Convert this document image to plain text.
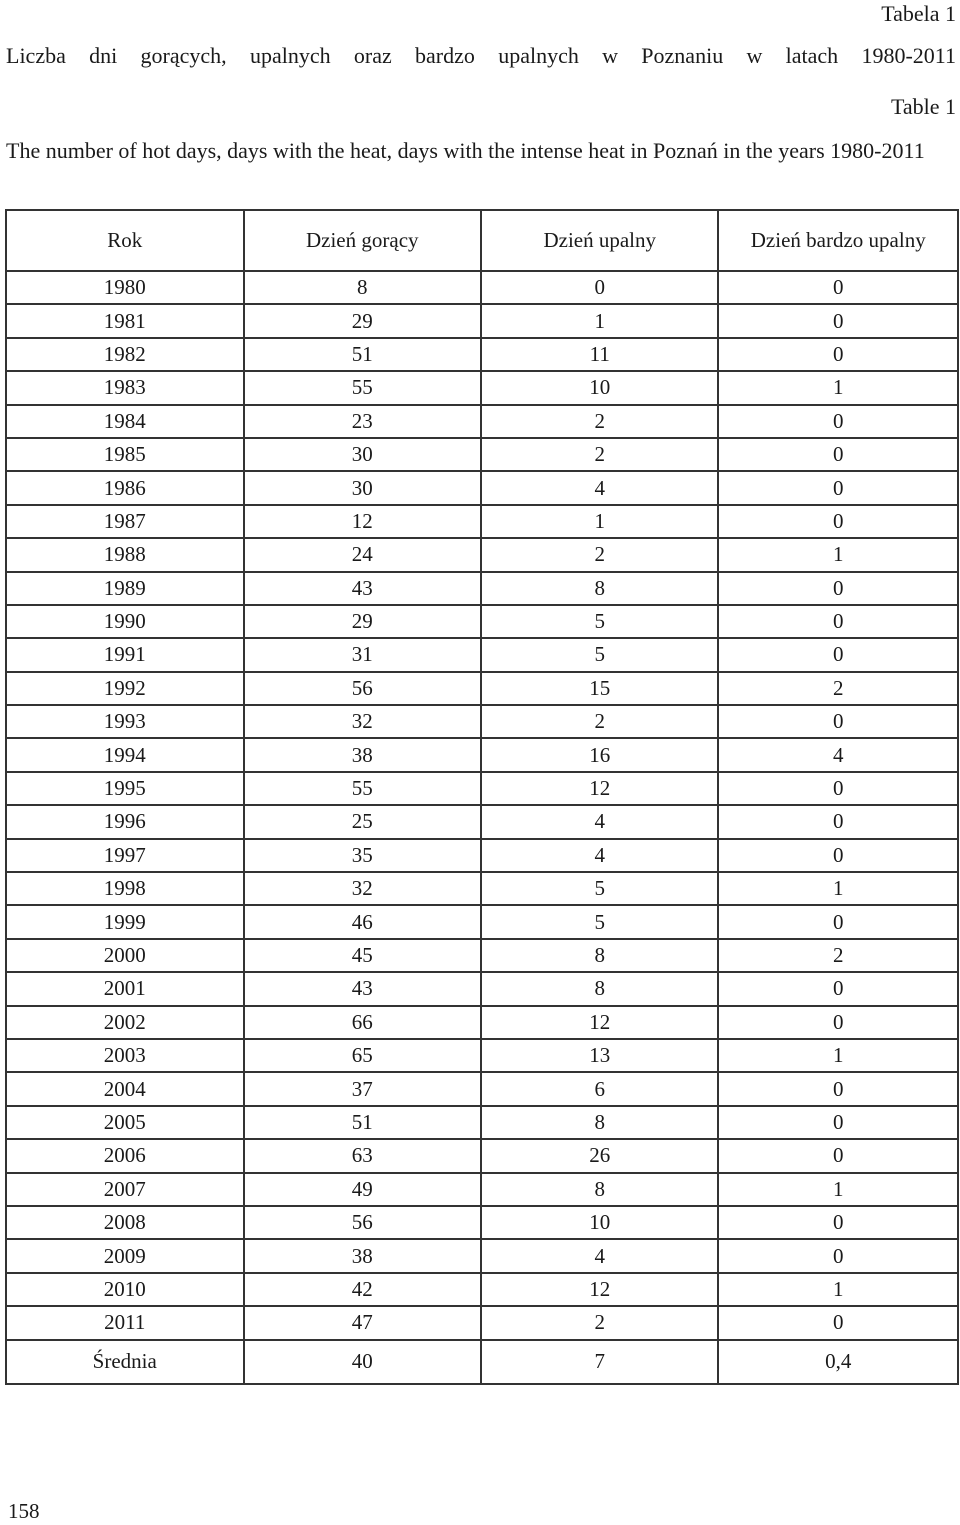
Tabela 1
Liczba dni gorących, upalnych oraz bardzo upalnych w Poznaniu w latach 1980-2011
Table 1
The number of hot days, days with the heat, days with the intense heat in Poznań in the years 1980-2011
Rok	Dzień gorący	Dzień upalny	Dzień bardzo upalny
1980	8	0	0
1981	29	1	0
1982	51	11	0
1983	55	10	1
1984	23	2	0
1985	30	2	0
1986	30	4	0
1987	12	1	0
1988	24	2	1
1989	43	8	0
1990	29	5	0
1991	31	5	0
1992	56	15	2
1993	32	2	0
1994	38	16	4
1995	55	12	0
1996	25	4	0
1997	35	4	0
1998	32	5	1
1999	46	5	0
2000	45	8	2
2001	43	8	0
2002	66	12	0
2003	65	13	1
2004	37	6	0
2005	51	8	0
2006	63	26	0
2007	49	8	1
2008	56	10	0
2009	38	4	0
2010	42	12	1
2011	47	2	0
Średnia	40	7	0,4
158
